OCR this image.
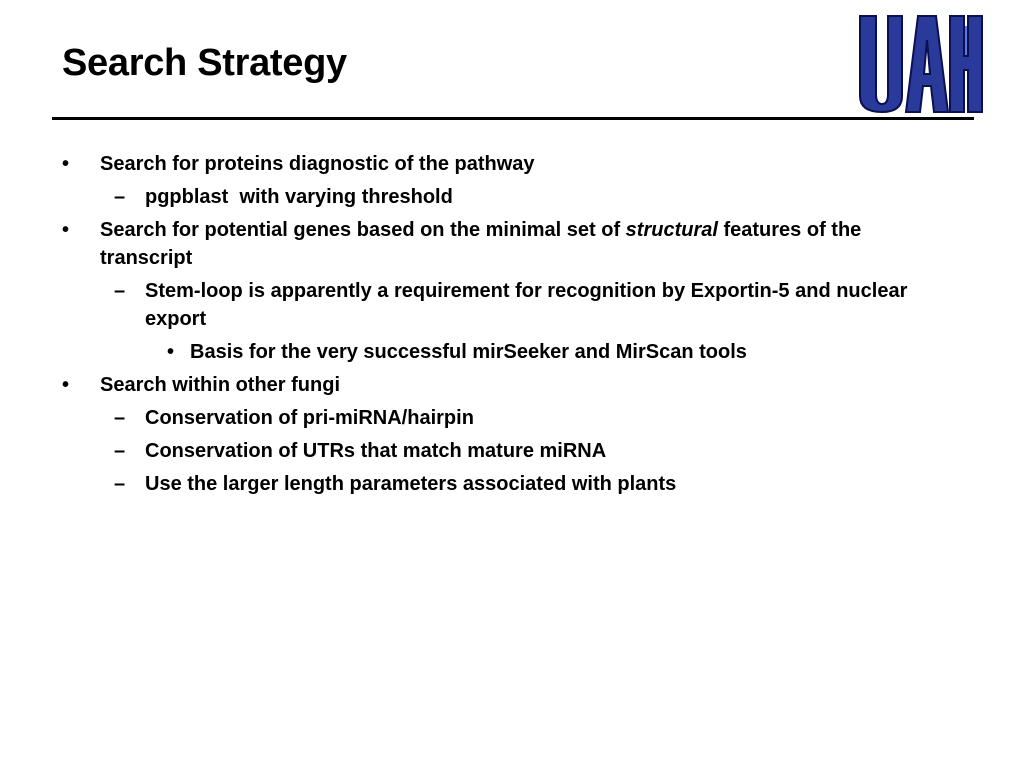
Search Strategy
• Search for proteins diagnostic of the pathway
– pgpblast  with varying threshold
• Search for potential genes based on the minimal set of structural features of the transcript
– Stem-loop is apparently a requirement for recognition by Exportin-5 and nuclear export
• Basis for the very successful mirSeeker and MirScan tools
• Search within other fungi
– Conservation of pri-miRNA/hairpin
– Conservation of UTRs that match mature miRNA
– Use the larger length parameters associated with plants
